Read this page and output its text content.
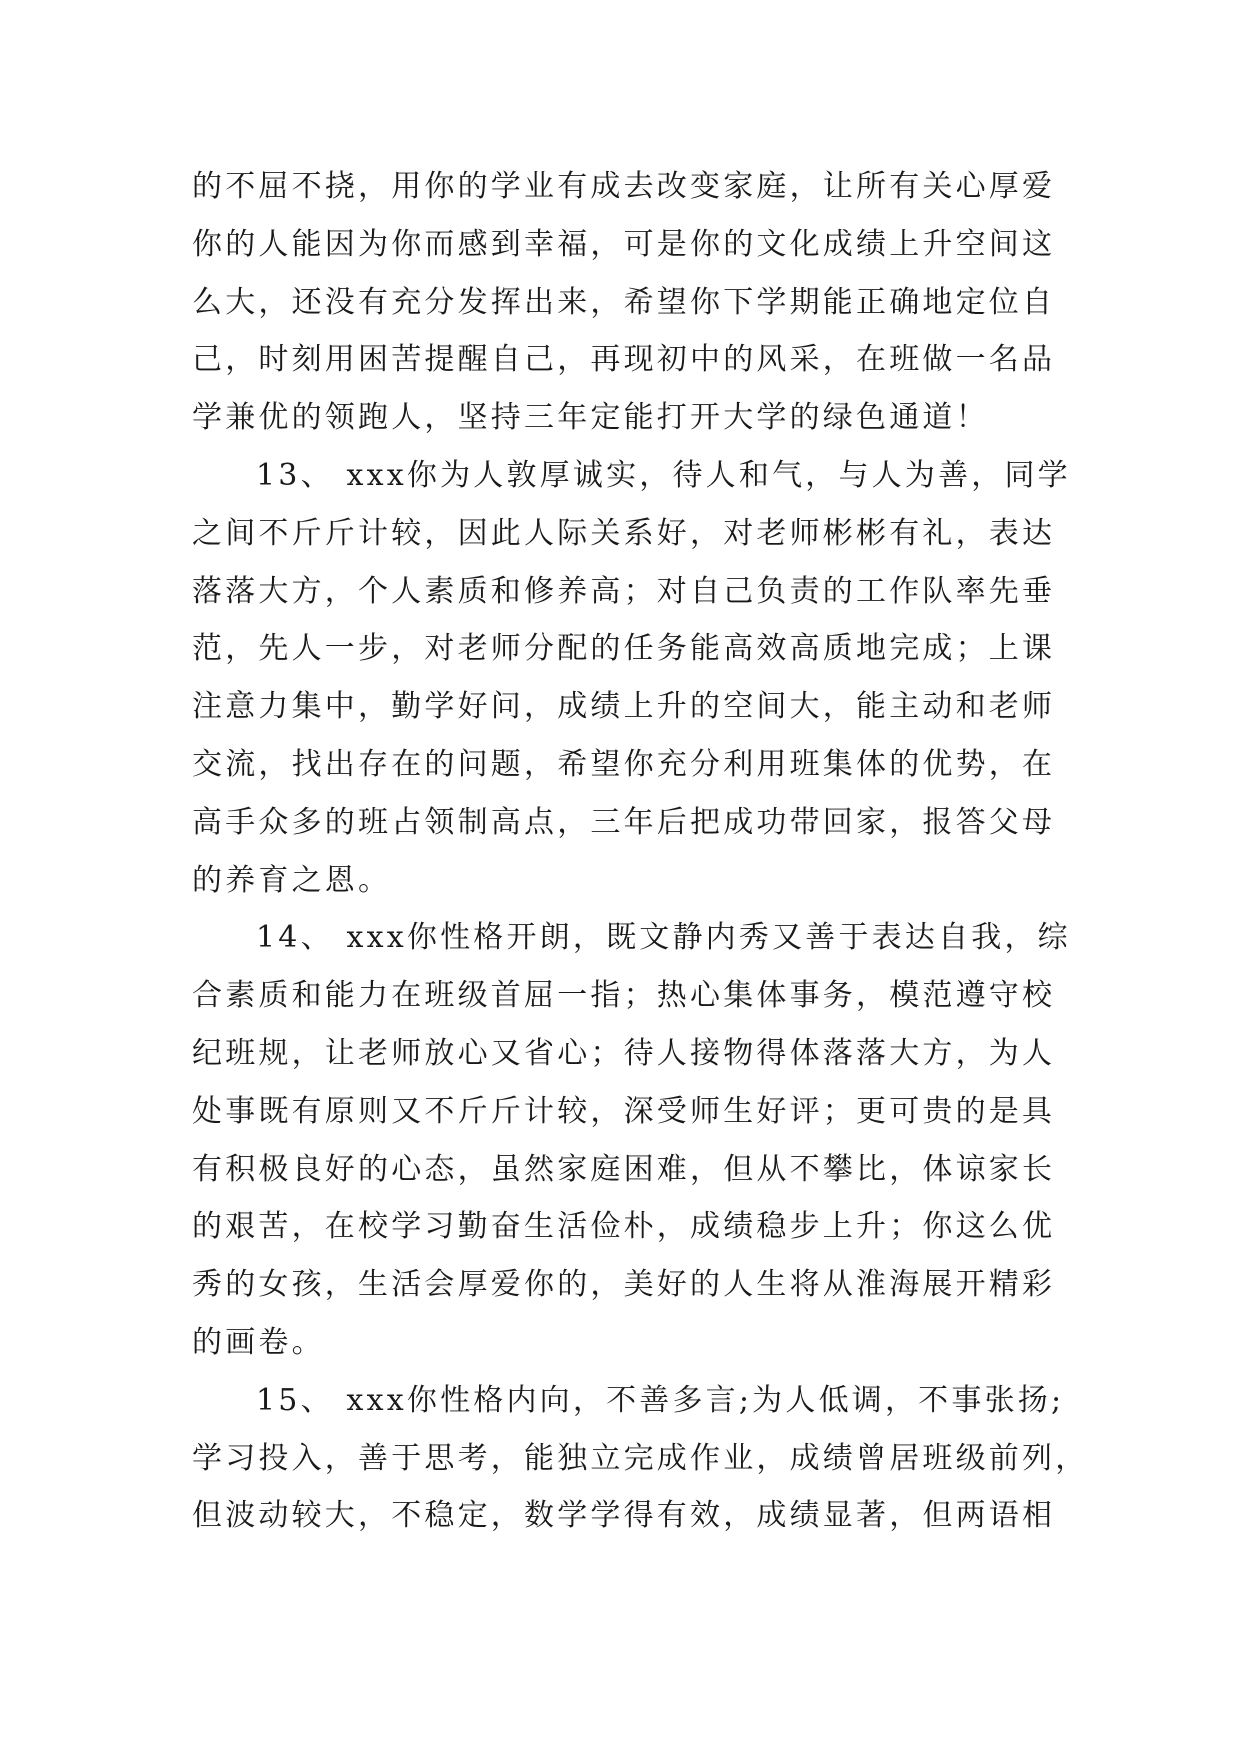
的不屈不挠，用你的学业有成去改变家庭，让所有关心厚爱
你的人能因为你而感到幸福，可是你的文化成绩上升空间这
么大，还没有充分发挥出来，希望你下学期能正确地定位自
己，时刻用困苦提醒自己，再现初中的风采，在班做一名品
学兼优的领跑人，坚持三年定能打开大学的绿色通道！
13、 xxx你为人敦厚诚实，待人和气，与人为善，同学
之间不斤斤计较，因此人际关系好，对老师彬彬有礼，表达
落落大方，个人素质和修养高；对自己负责的工作队率先垂
范，先人一步，对老师分配的任务能高效高质地完成；上课
注意力集中，勤学好问，成绩上升的空间大，能主动和老师
交流，找出存在的问题，希望你充分利用班集体的优势，在
高手众多的班占领制高点，三年后把成功带回家，报答父母
的养育之恩。
14、 xxx你性格开朗，既文静内秀又善于表达自我，综
合素质和能力在班级首屈一指；热心集体事务，模范遵守校
纪班规，让老师放心又省心；待人接物得体落落大方，为人
处事既有原则又不斤斤计较，深受师生好评；更可贵的是具
有积极良好的心态，虽然家庭困难，但从不攀比，体谅家长
的艰苦，在校学习勤奋生活俭朴，成绩稳步上升；你这么优
秀的女孩，生活会厚爱你的，美好的人生将从淮海展开精彩
的画卷。
15、 xxx你性格内向，不善多言;为人低调，不事张扬;
学习投入，善于思考，能独立完成作业，成绩曾居班级前列，
但波动较大，不稳定，数学学得有效，成绩显著，但两语相
